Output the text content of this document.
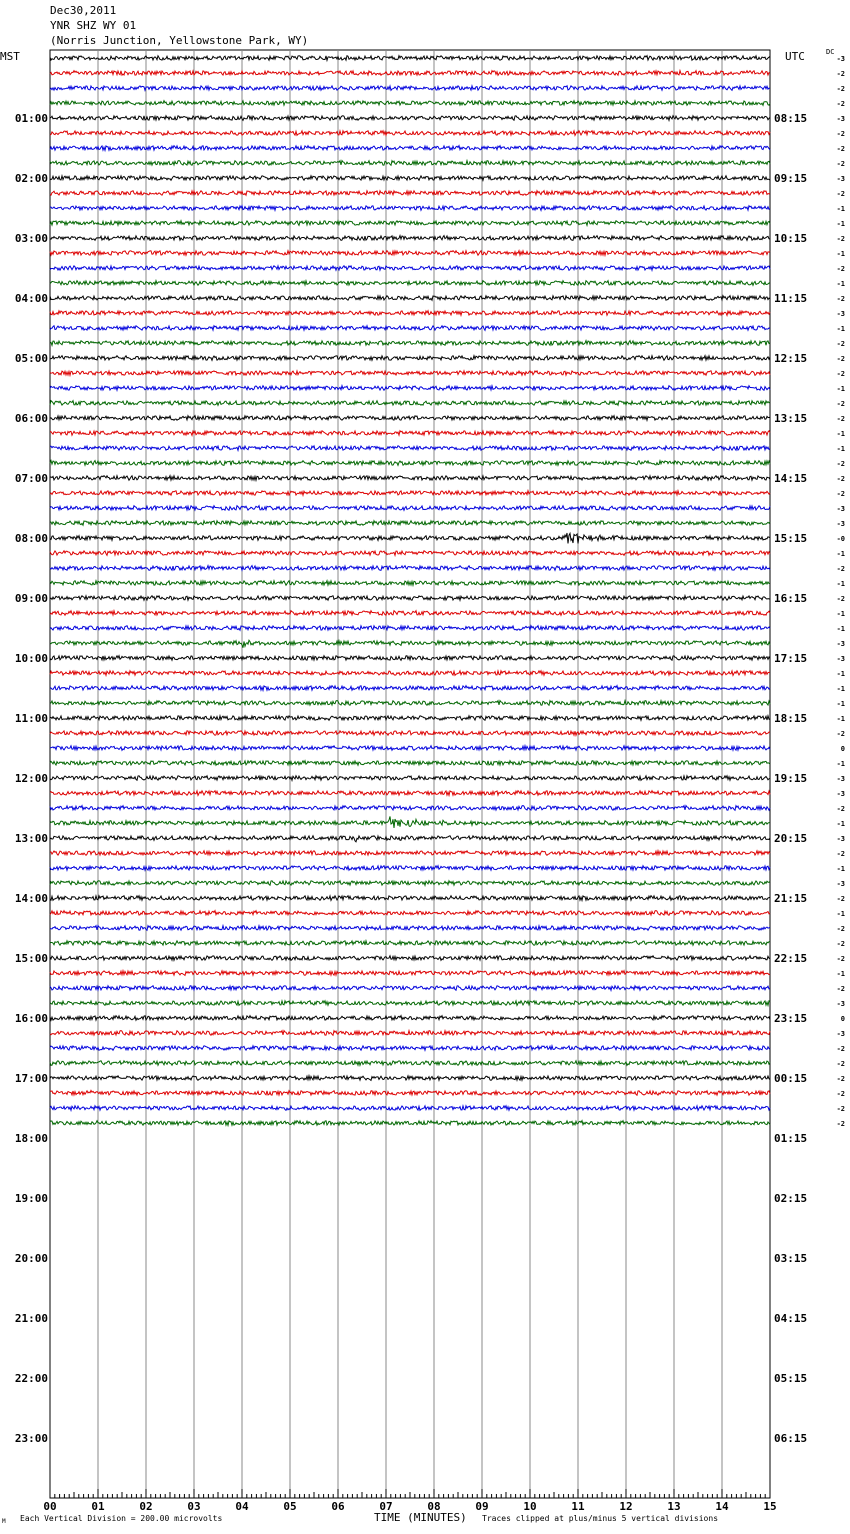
-3
-2
-2
-2
-3
-2
-2
-2
-3
-2
-1
-1
-2
-1
-2
-1
-2
-3
-1
-2
-2
-2
-1
-2
-2
-1
-1
-2
-2
-2
-3
-3
-0
-1
-2
-1
-2
-1
-1
-3
-3
-1
-1
-1
-1
-2
0
-1
-3
-3
-2
-1
-3
-2
-1
-3
-2
-1
-2
-2
-2
-1
-2
-3
0
-3
-2
-2
-2
-2
-2
-2
01:00
02:00
03:00
04:00
05:00
06:00
07:00
08:00
09:00
10:00
11:00
12:00
13:00
14:00
15:00
16:00
17:00
18:00
19:00
20:00
21:00
22:00
23:00
08:15
09:15
10:15
11:15
12:15
13:15
14:15
15:15
16:15
17:15
18:15
19:15
20:15
21:15
22:15
23:15
00:15
01:15
02:15
03:15
04:15
05:15
06:15
00	01	02	03	04	05	06	07	08	09	10	11	12	13	14	15
Dec30,2011
YNR SHZ WY 01
(Norris Junction, Yellowstone Park, WY)
MST	UTC	DC
Each Vertical Division = 200.00 microvolts	TIME (MINUTES) Traces clipped at plus/minus 5 vertical divisions
M
